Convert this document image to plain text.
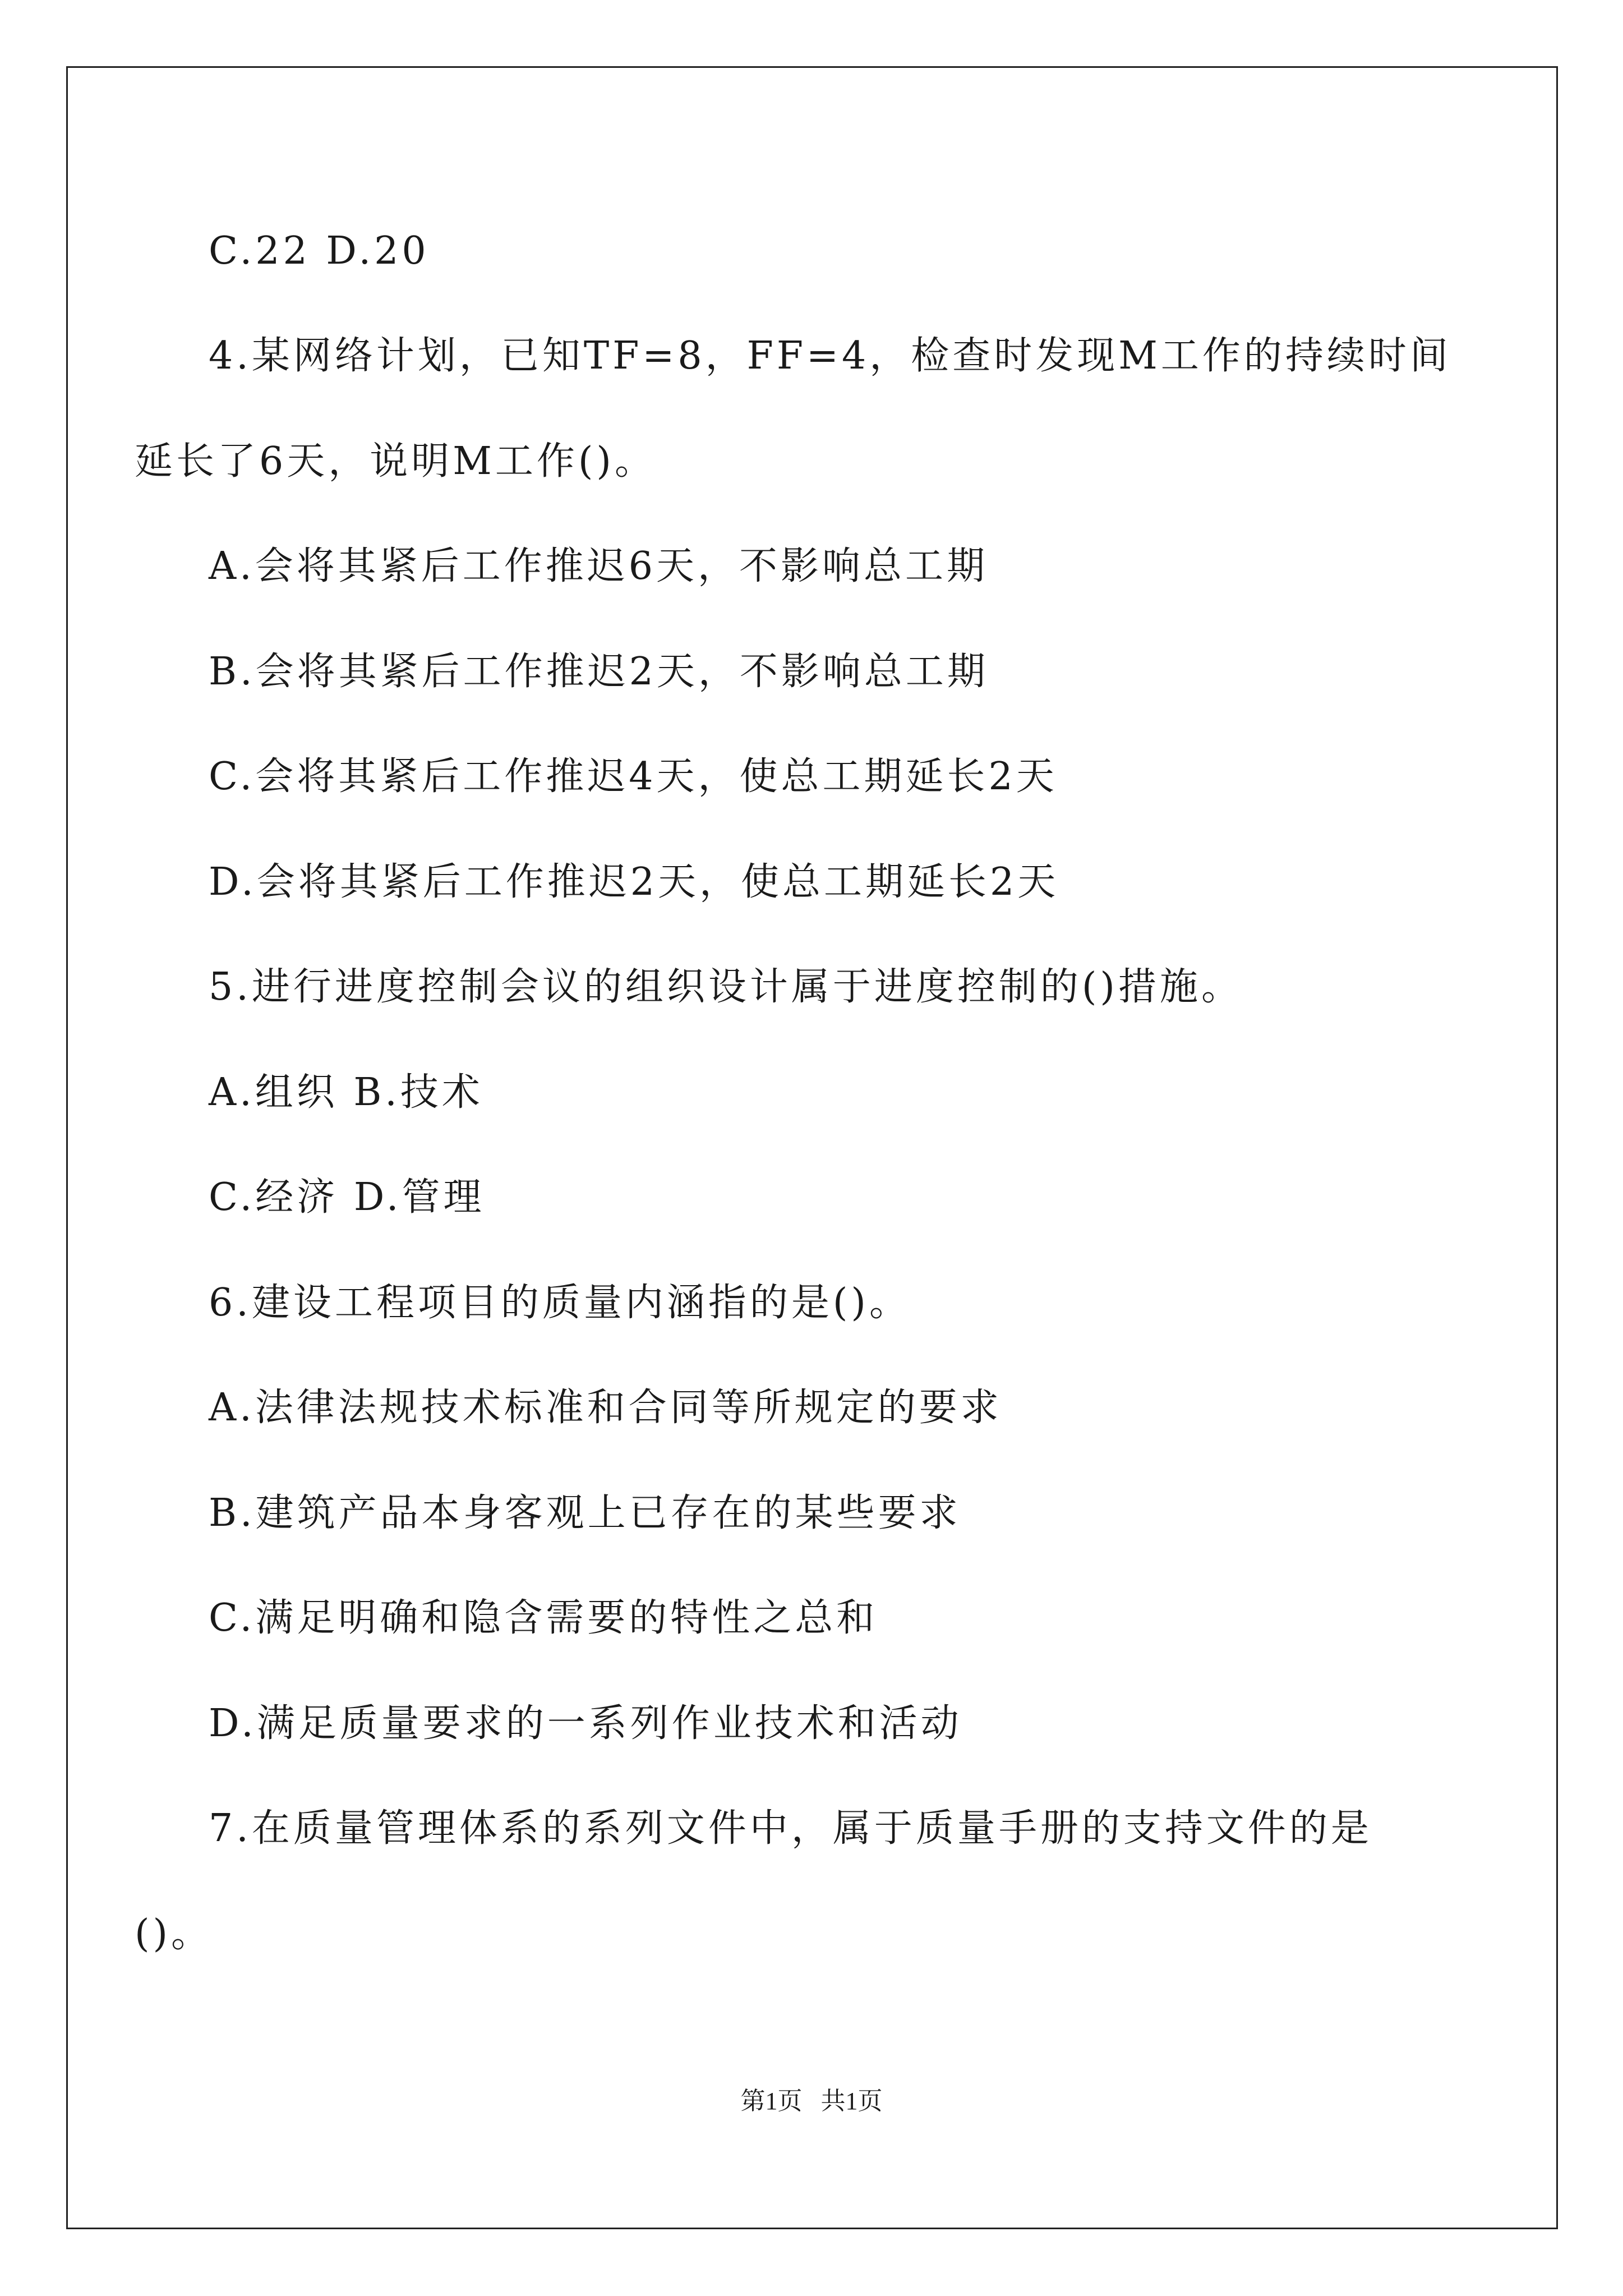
C.22 D.20
4.某网络计划，已知TF=8，FF=4，检查时发现M工作的持续时间
延长了6天，说明M工作()。
A.会将其紧后工作推迟6天，不影响总工期
B.会将其紧后工作推迟2天，不影响总工期
C.会将其紧后工作推迟4天，使总工期延长2天
D.会将其紧后工作推迟2天，使总工期延长2天
5.进行进度控制会议的组织设计属于进度控制的()措施。
A.组织 B.技术
C.经济 D.管理
6.建设工程项目的质量内涵指的是()。
A.法律法规技术标准和合同等所规定的要求
B.建筑产品本身客观上已存在的某些要求
C.满足明确和隐含需要的特性之总和
D.满足质量要求的一系列作业技术和活动
7.在质量管理体系的系列文件中，属于质量手册的支持文件的是
()。
第1页   共1页
